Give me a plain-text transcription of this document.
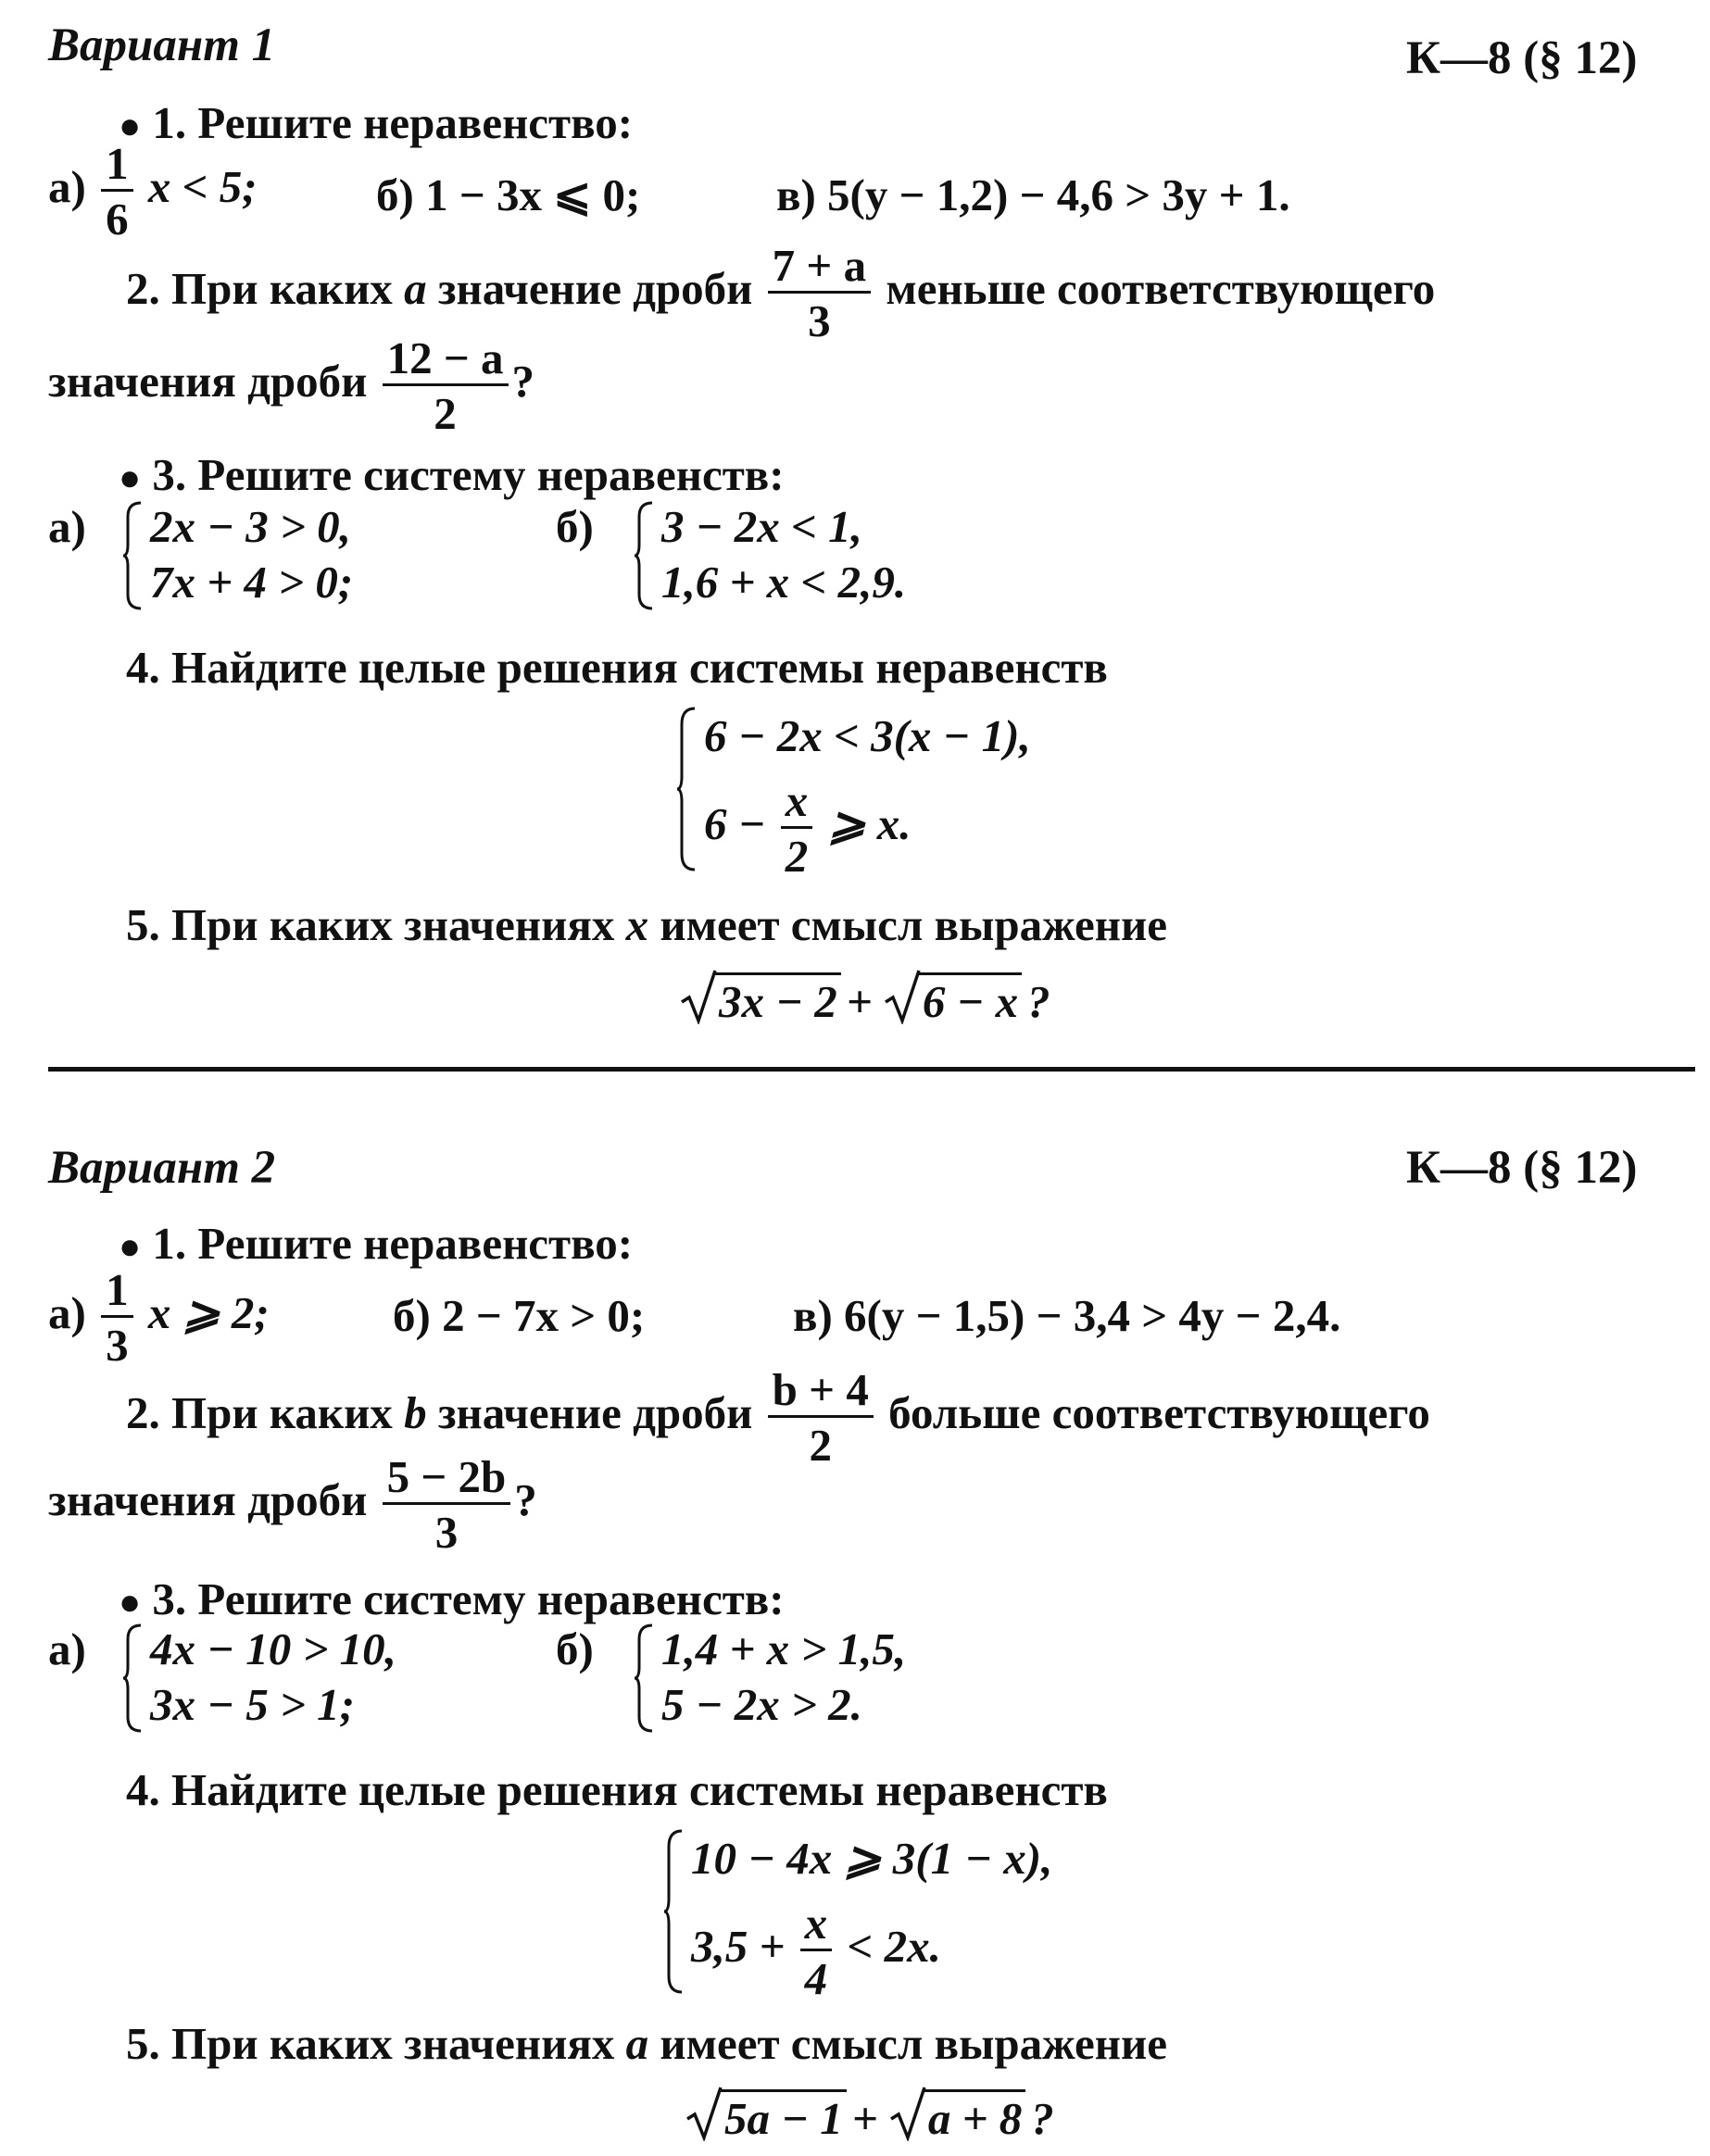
Вариант 1	К—8 (§ 12)
● 1. Решите неравенство:
$а) \frac{1}{6}$ x < 5;	б) 1 − 3x ⩽ 0;	в) 5(y − 1,2) − 4,6 > 3y + 1.
2. При каких a значение дроби $\frac{7 + a}{3}$ меньше соответствующего
значения дроби $\frac{12 - a}{2}$ ?
● 3. Решите систему неравенств:
а) 2x − 3 > 0,
7x + 4 > 0;
б) 3 − 2x < 1,
1,6 + x < 2,9.
4. Найдите целые решения системы неравенств
6 − 2x < 3(x − 1),
$6 - \frac{x}{2}$ ⩾ x.
5. При каких значениях x имеет смысл выражение
3x − 2 + 6 − x ?
Вариант 2	К—8 (§ 12)
● 1. Решите неравенство:
$а) \frac{1}{3}$ x ⩾ 2;	б) 2 − 7x > 0;	в) 6(y − 1,5) − 3,4 > 4y − 2,4.
2. При каких b значение дроби $\frac{b + 4}{2}$ больше соответствующего
значения дроби $\frac{5 - 2b}{3}$ ?
● 3. Решите систему неравенств:
а) 4x − 10 > 10,
3x − 5 > 1;
б) 1,4 + x > 1,5,
5 − 2x > 2.
4. Найдите целые решения системы неравенств
10 − 4x ⩾ 3(1 − x),
$3,5 + \frac{x}{4} < 2x$.
5. При каких значениях a имеет смысл выражение
5a − 1 + a + 8 ?
